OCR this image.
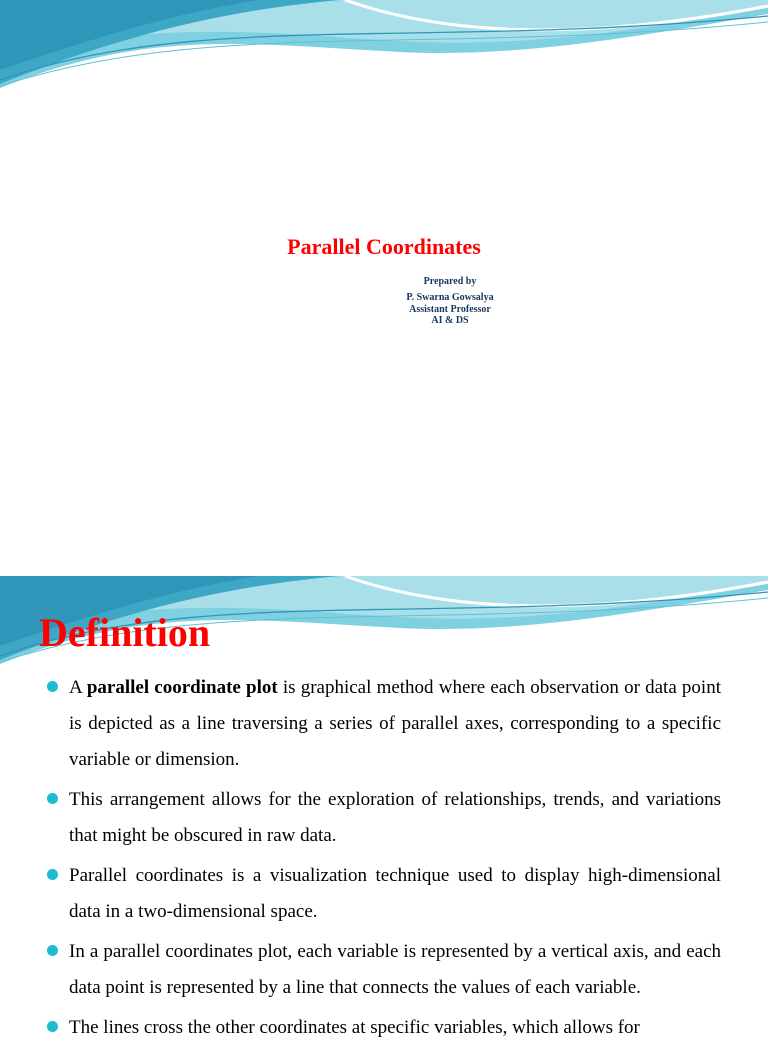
Parallel Coordinates
Prepared by
P. Swarna Gowsalya
Assistant Professor
AI & DS
Definition
A parallel coordinate plot is graphical method where each observation or data point is depicted as a line traversing a series of parallel axes, corresponding to a specific variable or dimension.
This arrangement allows for the exploration of relationships, trends, and variations that might be obscured in raw data.
Parallel coordinates is a visualization technique used to display high-dimensional data in a two-dimensional space.
In a parallel coordinates plot, each variable is represented by a vertical axis, and each data point is represented by a line that connects the values of each variable.
The lines cross the other coordinates at specific variables, which allows for
